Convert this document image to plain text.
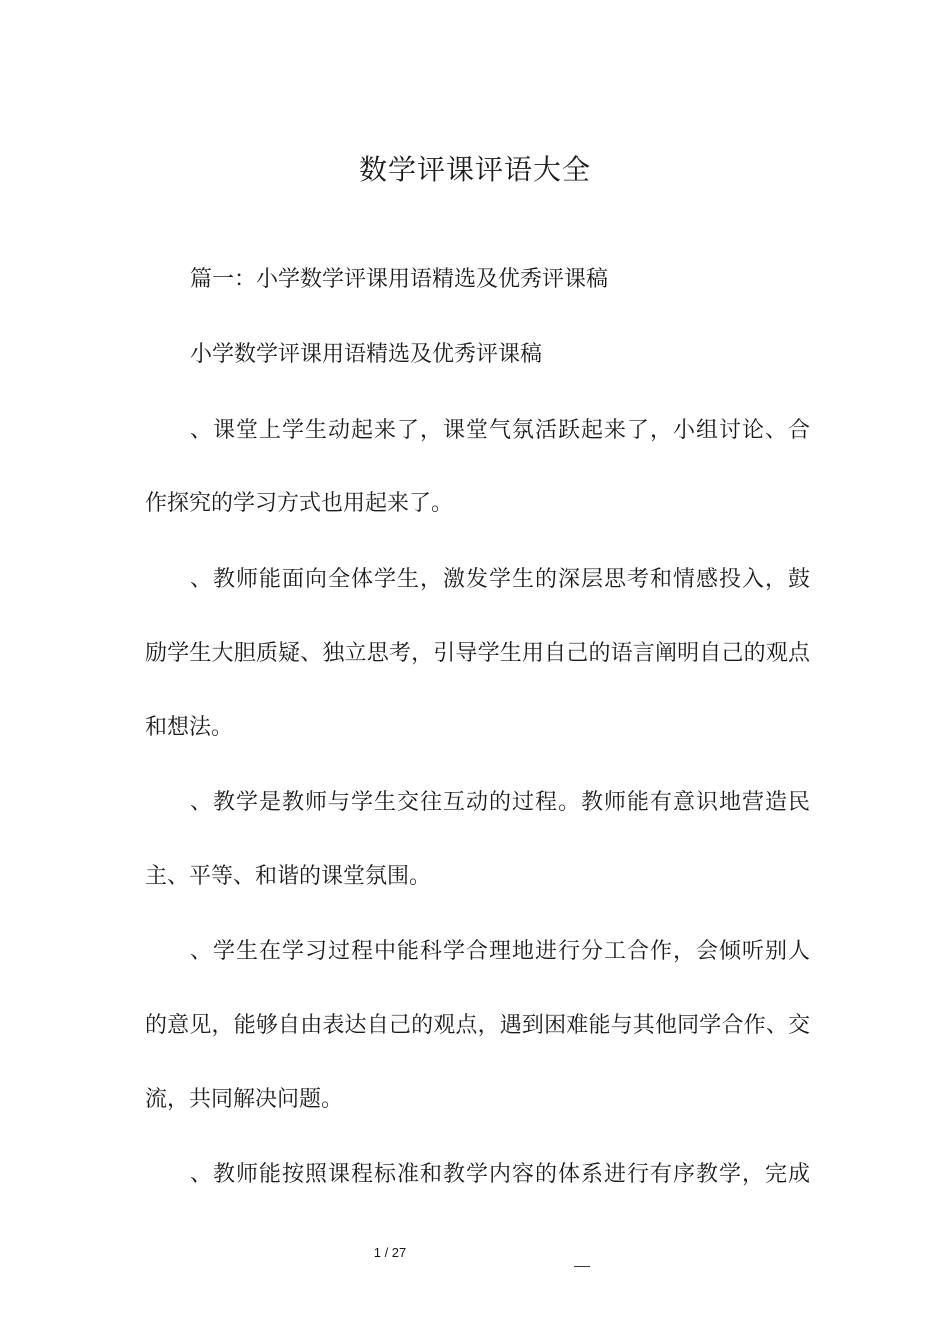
数学评课评语大全
篇一：小学数学评课用语精选及优秀评课稿
小学数学评课用语精选及优秀评课稿
、课堂上学生动起来了，课堂气氛活跃起来了，小组讨论、合
作探究的学习方式也用起来了。
、教师能面向全体学生，激发学生的深层思考和情感投入，鼓
励学生大胆质疑、独立思考，引导学生用自己的语言阐明自己的观点
和想法。
、教学是教师与学生交往互动的过程。教师能有意识地营造民
主、平等、和谐的课堂氛围。
、学生在学习过程中能科学合理地进行分工合作，会倾听别人
的意见，能够自由表达自己的观点，遇到困难能与其他同学合作、交
流，共同解决问题。
、教师能按照课程标准和教学内容的体系进行有序教学，完成
1 / 27
